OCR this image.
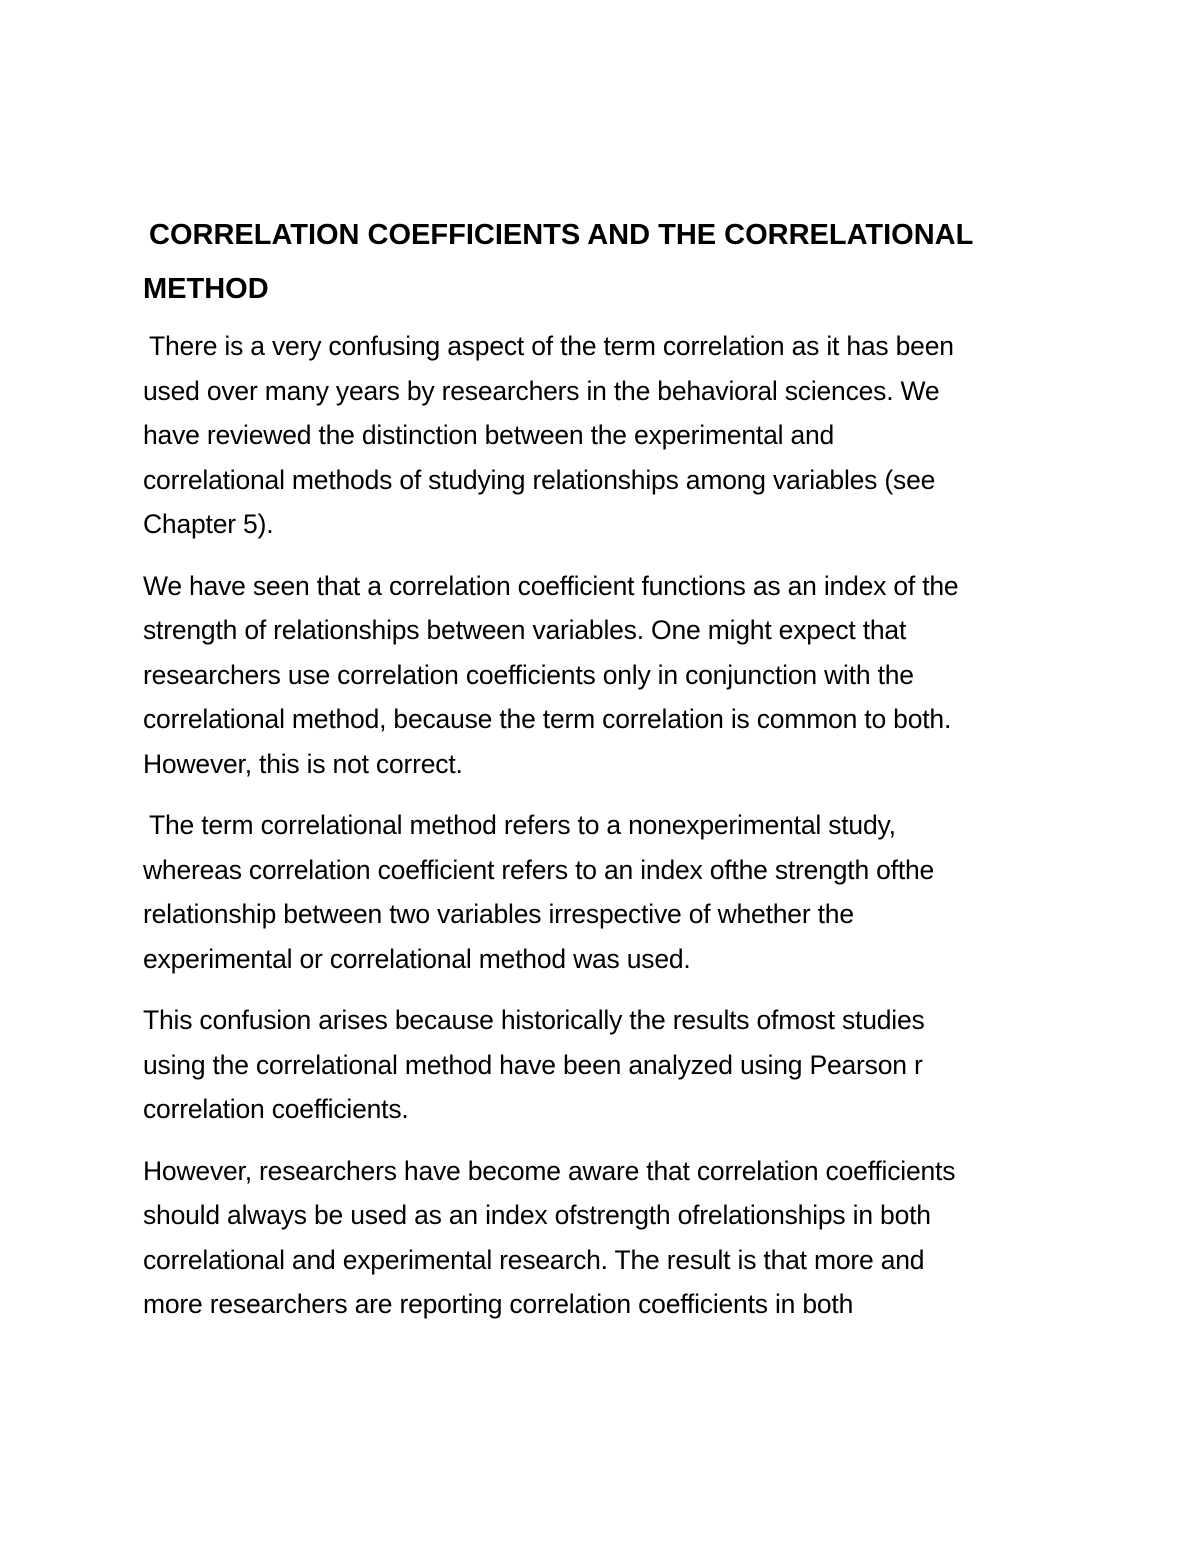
CORRELATION COEFFICIENTS AND THE CORRELATIONAL
METHOD
There is a very confusing aspect of the term correlation as it has been
used over many years by researchers in the behavioral sciences. We
have reviewed the distinction between the experimental and
correlational methods of studying relationships among variables (see
Chapter 5).
We have seen that a correlation coefficient functions as an index of the
strength of relationships between variables. One might expect that
researchers use correlation coefficients only in conjunction with the
correlational method, because the term correlation is common to both.
However, this is not correct.
The term correlational method refers to a nonexperimental study,
whereas correlation coefficient refers to an index ofthe strength ofthe
relationship between two variables irrespective of whether the
experimental or correlational method was used.
This confusion arises because historically the results ofmost studies
using the correlational method have been analyzed using Pearson r
correlation coefficients.
However, researchers have become aware that correlation coefficients
should always be used as an index ofstrength ofrelationships in both
correlational and experimental research. The result is that more and
more researchers are reporting correlation coefficients in both
